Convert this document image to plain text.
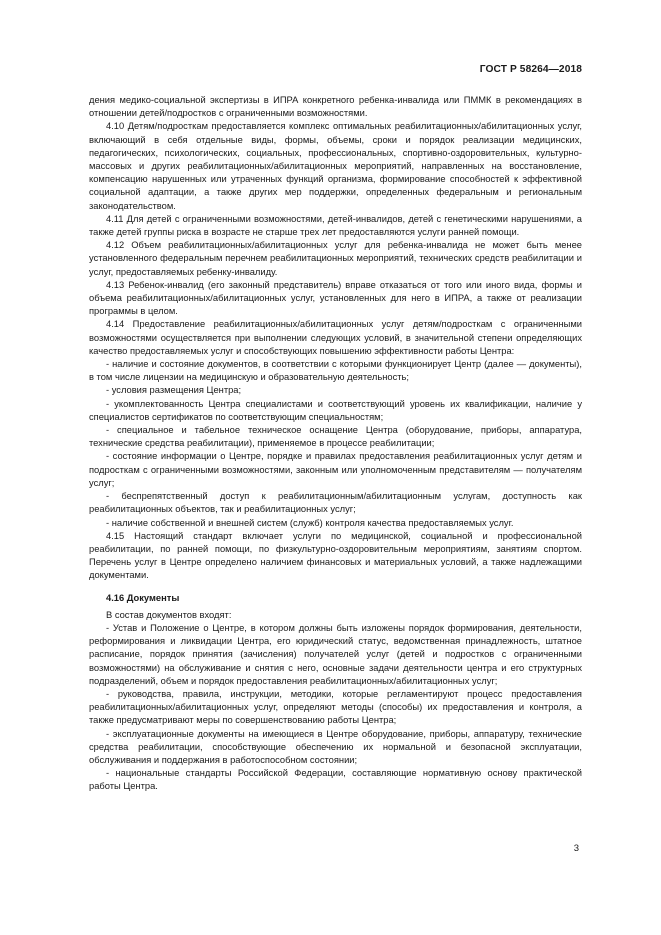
ГОСТ Р 58264—2018

дения медико-социальной экспертизы в ИПРА конкретного ребенка-инвалида или ПММК в рекомендациях в отношении детей/подростков с ограниченными возможностями.

4.10 Детям/подросткам предоставляется комплекс оптимальных реабилитационных/абилитационных услуг, включающий в себя отдельные виды, формы, объемы, сроки и порядок реализации медицинских, педагогических, психологических, социальных, профессиональных, спортивно-оздоровительных, культурно-массовых и других реабилитационных/абилитационных мероприятий, направленных на восстановление, компенсацию нарушенных или утраченных функций организма, формирование способностей к эффективной социальной адаптации, а также других мер поддержки, определенных федеральным и региональным законодательством.

4.11 Для детей с ограниченными возможностями, детей-инвалидов, детей с генетическими нарушениями, а также детей группы риска в возрасте не старше трех лет предоставляются услуги ранней помощи.

4.12 Объем реабилитационных/абилитационных услуг для ребенка-инвалида не может быть менее установленного федеральным перечнем реабилитационных мероприятий, технических средств реабилитации и услуг, предоставляемых ребенку-инвалиду.

4.13 Ребенок-инвалид (его законный представитель) вправе отказаться от того или иного вида, формы и объема реабилитационных/абилитационных услуг, установленных для него в ИПРА, а также от реализации программы в целом.

4.14 Предоставление реабилитационных/абилитационных услуг детям/подросткам с ограниченными возможностями осуществляется при выполнении следующих условий, в значительной степени определяющих качество предоставляемых услуг и способствующих повышению эффективности работы Центра:

- наличие и состояние документов, в соответствии с которыми функционирует Центр (далее — документы), в том числе лицензии на медицинскую и образовательную деятельность;

- условия размещения Центра;

- укомплектованность Центра специалистами и соответствующий уровень их квалификации, наличие у специалистов сертификатов по соответствующим специальностям;

- специальное и табельное техническое оснащение Центра (оборудование, приборы, аппаратура, технические средства реабилитации), применяемое в процессе реабилитации;

- состояние информации о Центре, порядке и правилах предоставления реабилитационных услуг детям и подросткам с ограниченными возможностями, законным или уполномоченным представителям — получателям услуг;

- беспрепятственный доступ к реабилитационным/абилитационным услугам, доступность как реабилитационных объектов, так и реабилитационных услуг;

- наличие собственной и внешней систем (служб) контроля качества предоставляемых услуг.

4.15 Настоящий стандарт включает услуги по медицинской, социальной и профессиональной реабилитации, по ранней помощи, по физкультурно-оздоровительным мероприятиям, занятиям спортом. Перечень услуг в Центре определено наличием финансовых и материальных условий, а также надлежащими документами.

4.16 Документы

В состав документов входят:

- Устав и Положение о Центре, в котором должны быть изложены порядок формирования, деятельности, реформирования и ликвидации Центра, его юридический статус, ведомственная принадлежность, штатное расписание, порядок принятия (зачисления) получателей услуг (детей и подростков с ограниченными возможностями) на обслуживание и снятия с него, основные задачи деятельности центра и его структурных подразделений, объем и порядок предоставления реабилитационных/абилитационных услуг;

- руководства, правила, инструкции, методики, которые регламентируют процесс предоставления реабилитационных/абилитационных услуг, определяют методы (способы) их предоставления и контроля, а также предусматривают меры по совершенствованию работы Центра;

- эксплуатационные документы на имеющиеся в Центре оборудование, приборы, аппаратуру, технические средства реабилитации, способствующие обеспечению их нормальной и безопасной эксплуатации, обслуживания и поддержания в работоспособном состоянии;

- национальные стандарты Российской Федерации, составляющие нормативную основу практической работы Центра.

3
